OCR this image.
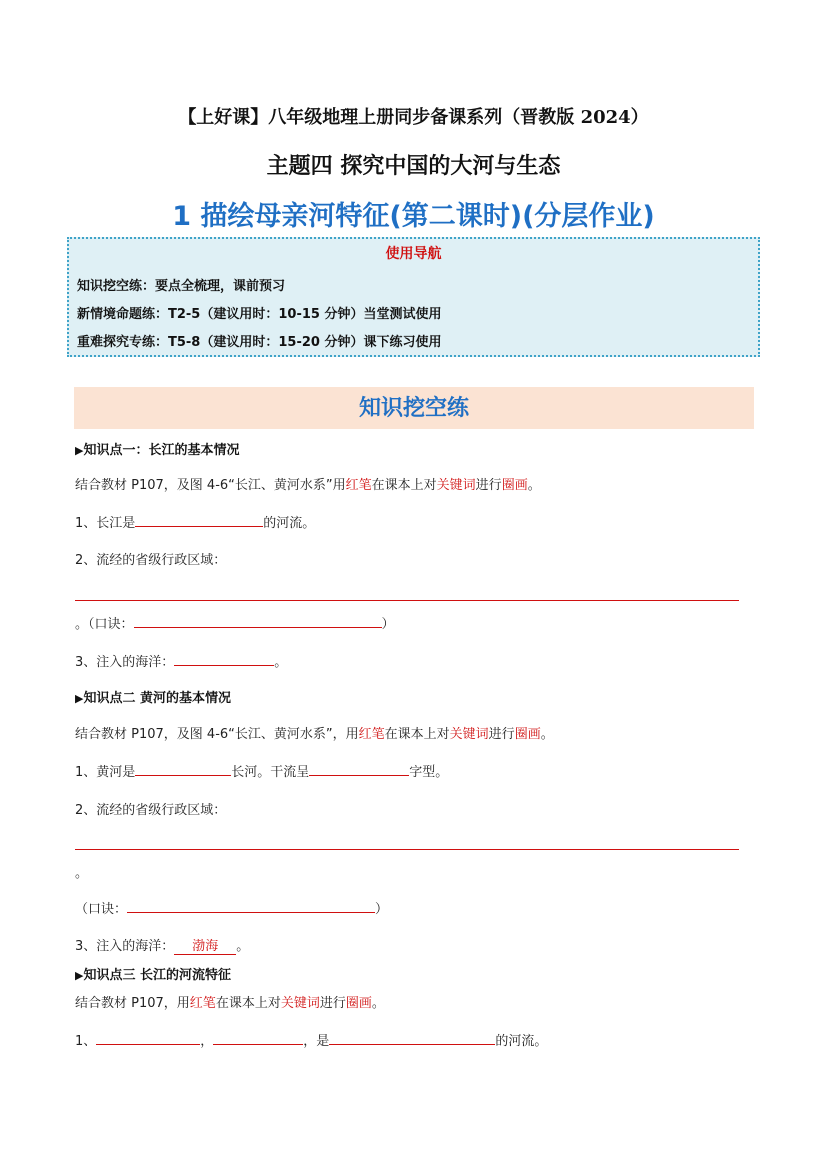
【上好课】八年级地理上册同步备课系列（晋教版 2024）
主题四 探究中国的大河与生态
1 描绘母亲河特征(第二课时)(分层作业)
使用导航
知识挖空练：要点全梳理，课前预习
新情境命题练：T2-5（建议用时：10-15 分钟）当堂测试使用
重难探究专练：T5-8（建议用时：15-20 分钟）课下练习使用
知识挖空练
▶知识点一：长江的基本情况
结合教材 P107，及图 4-6“长江、黄河水系”用红笔在课本上对关键词进行圈画。
1、长江是	的河流。
2、流经的省级行政区域：
。（口诀：	）
3、注入的海洋：	。
▶知识点二 黄河的基本情况
结合教材 P107，及图 4-6“长江、黄河水系”，用红笔在课本上对关键词进行圈画。
1、黄河是	长河。干流呈	字型。
2、流经的省级行政区域：
。
（口诀：	）
3、注入的海洋： 渤海 。
▶知识点三 长江的河流特征
结合教材 P107，用红笔在课本上对关键词进行圈画。
1、	，	，是	的河流。
